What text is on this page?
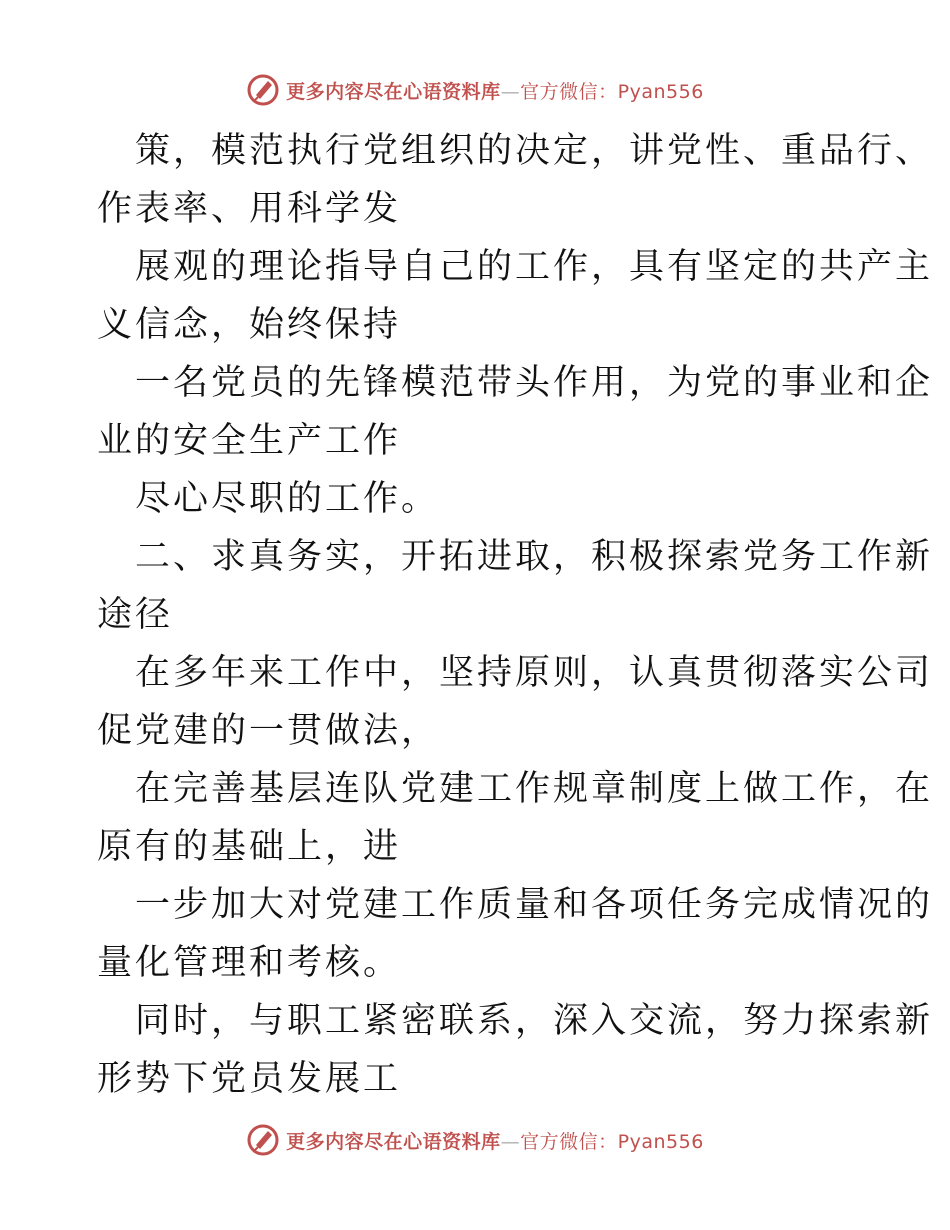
更多内容尽在心语资料库—官方微信：Pyan556
策，模范执行党组织的决定，讲党性、重品行、
作表率、用科学发
展观的理论指导自己的工作，具有坚定的共产主
义信念，始终保持
一名党员的先锋模范带头作用，为党的事业和企
业的安全生产工作
尽心尽职的工作。
二、求真务实，开拓进取，积极探索党务工作新
途径
在多年来工作中，坚持原则，认真贯彻落实公司
促党建的一贯做法，
在完善基层连队党建工作规章制度上做工作，在
原有的基础上，进
一步加大对党建工作质量和各项任务完成情况的
量化管理和考核。
同时，与职工紧密联系，深入交流，努力探索新
形势下党员发展工
更多内容尽在心语资料库—官方微信：Pyan556
